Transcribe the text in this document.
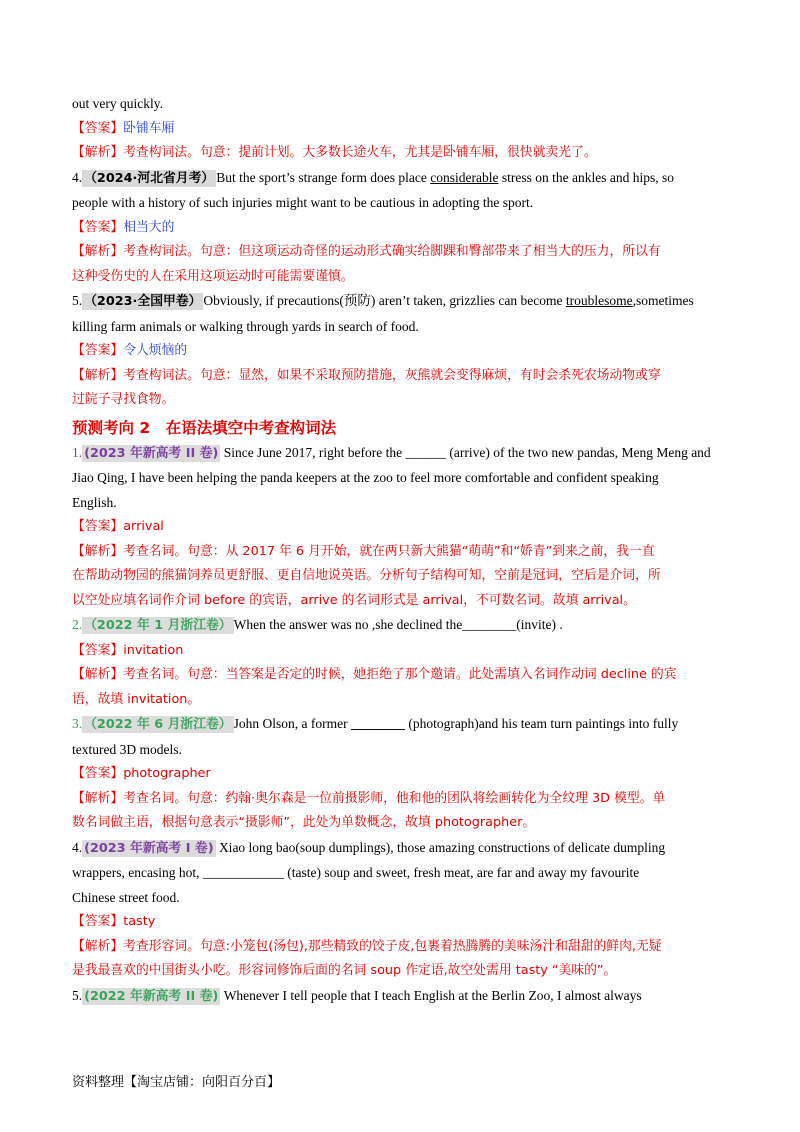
out very quickly.
【答案】卧铺车厢
【解析】考查构词法。句意：提前计划。大多数长途火车，尤其是卧铺车厢，很快就卖光了。
4. （2024·河北省月考） But the sport’s strange form does place considerable stress on the ankles and hips, so
people with a history of such injuries might want to be cautious in adopting the sport.
【答案】相当大的
【解析】考查构词法。句意：但这项运动奇怪的运动形式确实给脚踝和臀部带来了相当大的压力，所以有
这种受伤史的人在采用这项运动时可能需要谨慎。
5. （2023·全国甲卷） Obviously, if precautions(预防) aren’t taken, grizzlies can become troublesome,sometimes
killing farm animals or walking through yards in search of food.
【答案】令人烦恼的
【解析】考查构词法。句意：显然，如果不采取预防措施，灰熊就会变得麻烦，有时会杀死农场动物或穿
过院子寻找食物。
预测考向 2　在语法填空中考查构词法
1. (2023 年新高考 II 卷) Since June 2017, right before the ______ (arrive) of the two new pandas, Meng Meng and
Jiao Qing, I have been helping the panda keepers at the zoo to feel more comfortable and confident speaking
English.
【答案】arrival
【解析】考查名词。句意：从 2017 年 6 月开始，就在两只新大熊猫“萌萌”和“娇青”到来之前，我一直
在帮助动物园的熊猫饲养员更舒服、更自信地说英语。分析句子结构可知，空前是冠词，空后是介词，所
以空处应填名词作介词 before 的宾语，arrive 的名词形式是 arrival，不可数名词。故填 arrival。
2. （2022 年 1 月浙江卷） When the answer was no ,she declined the________(invite) .
【答案】invitation
【解析】考查名词。句意：当答案是否定的时候，她拒绝了那个邀请。此处需填入名词作动词 decline 的宾
语，故填 invitation。
3. （2022 年 6 月浙江卷） John Olson, a former ________ (photograph)and his team turn paintings into fully
textured 3D models.
【答案】photographer
【解析】考查名词。句意：约翰·奥尔森是一位前摄影师，他和他的团队将绘画转化为全纹理 3D 模型。单
数名词做主语，根据句意表示“摄影师”，此处为单数概念，故填 photographer。
4. (2023 年新高考 I 卷) Xiao long bao(soup dumplings), those amazing constructions of delicate dumpling
wrappers, encasing hot, ____________ (taste) soup and sweet, fresh meat, are far and away my favourite
Chinese street food.
【答案】tasty
【解析】考查形容词。句意:小笼包(汤包),那些精致的饺子皮,包裹着热腾腾的美味汤汁和甜甜的鲜肉,无疑
是我最喜欢的中国街头小吃。形容词修饰后面的名词 soup 作定语,故空处需用 tasty “美味的”。
5. (2022 年新高考 II 卷) Whenever I tell people that I teach English at the Berlin Zoo, I almost always
资料整理【淘宝店铺：向阳百分百】
